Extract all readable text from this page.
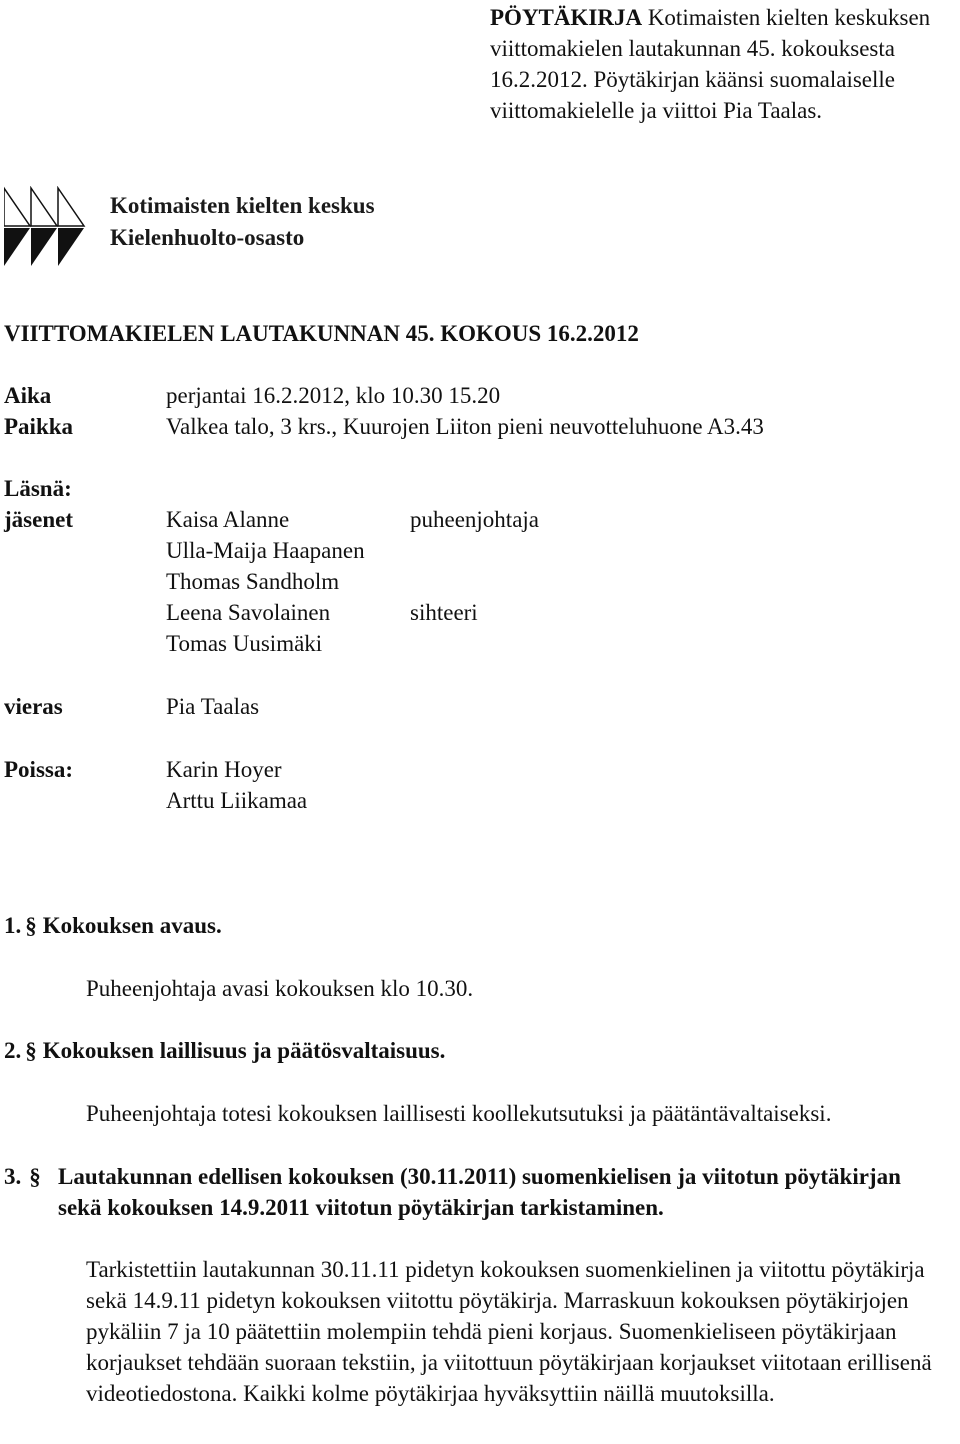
PÖYTÄKIRJA Kotimaisten kielten keskuksen viittomakielen lautakunnan 45. kokouksesta 16.2.2012. Pöytäkirjan käänsi suomalaiselle viittomakielelle ja viittoi Pia Taalas.
Kotimaisten kielten keskus
Kielenhuolto-osasto
VIITTOMAKIELEN LAUTAKUNNAN 45. KOKOUS 16.2.2012
Aika	perjantai 16.2.2012, klo 10.30 15.20
Paikka	Valkea talo, 3 krs., Kuurojen Liiton pieni neuvotteluhuone A3.43
Läsnä:
jäsenet	Kaisa Alanne	puheenjohtaja
Ulla-Maija Haapanen
Thomas Sandholm
Leena Savolainen	sihteeri
Tomas Uusimäki
vieras	Pia Taalas
Poissa:	Karin Hoyer
Arttu Liikamaa
1. § Kokouksen avaus.
Puheenjohtaja avasi kokouksen klo 10.30.
2. § Kokouksen laillisuus ja päätösvaltaisuus.
Puheenjohtaja totesi kokouksen laillisesti koollekutsutuksi ja päätäntävaltaiseksi.
3. § Lautakunnan edellisen kokouksen (30.11.2011) suomenkielisen ja viitotun pöytäkirjan sekä kokouksen 14.9.2011 viitotun pöytäkirjan tarkistaminen.
Tarkistettiin lautakunnan 30.11.11 pidetyn kokouksen suomenkielinen ja viitottu pöytäkirja sekä 14.9.11 pidetyn kokouksen viitottu pöytäkirja. Marraskuun kokouksen pöytäkirjojen pykäliin 7 ja 10 päätettiin molempiin tehdä pieni korjaus. Suomenkieliseen pöytäkirjaan korjaukset tehdään suoraan tekstiin, ja viitottuun pöytäkirjaan korjaukset viitotaan erillisenä videotiedostona. Kaikki kolme pöytäkirjaa hyväksyttiin näillä muutoksilla.
